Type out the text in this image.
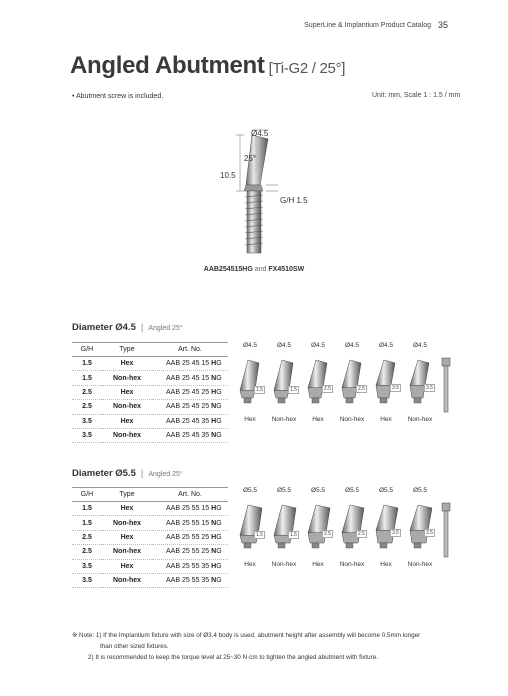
SuperLine & Implantium Product Catalog 35
Angled Abutment [Ti-G2 / 25°]
• Abutment screw is included.	Unit: mm, Scale 1 : 1.5 / mm
Ø4.5
25°
10.5
G/H 1.5
AAB254515HG and FX4510SW
Diameter Ø4.5 | Angled 25°
G/H	Type	Art. No.
1.5	Hex	AAB 25 45 15 HG
1.5	Non-hex	AAB 25 45 15 NG
2.5	Hex	AAB 25 45 25 HG
2.5	Non-hex	AAB 25 45 25 NG
3.5	Hex	AAB 25 45 35 HG
3.5	Non-hex	AAB 25 45 35 NG
Ø4.5
1.5
Hex
Ø4.5
1.5
Non-hex
Ø4.5
2.5
Hex
Ø4.5
2.5
Non-hex
Ø4.5
3.5
Hex
Ø4.5
3.5
Non-hex
Diameter Ø5.5 | Angled 25°
G/H	Type	Art. No.
1.5	Hex	AAB 25 55 15 HG
1.5	Non-hex	AAB 25 55 15 NG
2.5	Hex	AAB 25 55 25 HG
2.5	Non-hex	AAB 25 55 25 NG
3.5	Hex	AAB 25 55 35 HG
3.5	Non-hex	AAB 25 55 35 NG
Ø5.5
1.5
Hex
Ø5.5
1.5
Non-hex
Ø5.5
2.5
Hex
Ø5.5
2.5
Non-hex
Ø5.5
3.5
Hex
Ø5.5
3.5
Non-hex
※ Note: 1) If the Implantium fixture with size of Ø3.4 body is used, abutment height after assembly will become 0.5mm longer
than other sized fixtures.
2) It is recommended to keep the torque level at 25~30 N·cm to tighten the angled abutment with fixture.
